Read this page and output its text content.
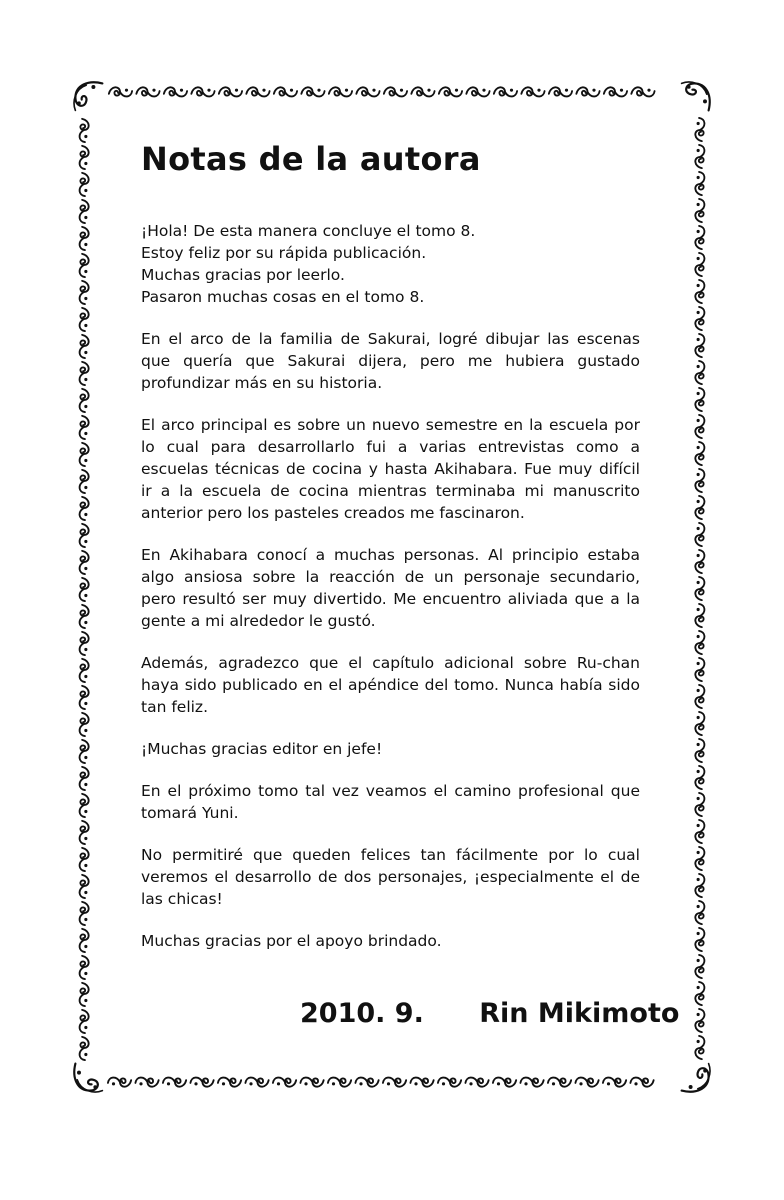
Notas de la autora

¡Hola! De esta manera concluye el tomo 8.
Estoy feliz por su rápida publicación.
Muchas gracias por leerlo.
Pasaron muchas cosas en el tomo 8.

En el arco de la familia de Sakurai, logré dibujar las escenas que quería que Sakurai dijera, pero me hubiera gustado profundizar más en su historia.

El arco principal es sobre un nuevo semestre en la escuela por lo cual para desarrollarlo fui a varias entrevistas como a escuelas técnicas de cocina y hasta Akihabara. Fue muy difícil ir a la escuela de cocina mientras terminaba mi manuscrito anterior pero los pasteles creados me fascinaron.

En Akihabara conocí a muchas personas. Al principio estaba algo ansiosa sobre la reacción de un personaje secundario, pero resultó ser muy divertido. Me encuentro aliviada que a la gente a mi alrededor le gustó.

Además, agradezco que el capítulo adicional sobre Ru-chan haya sido publicado en el apéndice del tomo. Nunca había sido tan feliz.

¡Muchas gracias editor en jefe!

En el próximo tomo tal vez veamos el camino profesional que tomará Yuni.

No permitiré que queden felices tan fácilmente por lo cual veremos el desarrollo de dos personajes, ¡especialmente el de las chicas!

Muchas gracias por el apoyo brindado.

2010. 9. Rin Mikimoto
